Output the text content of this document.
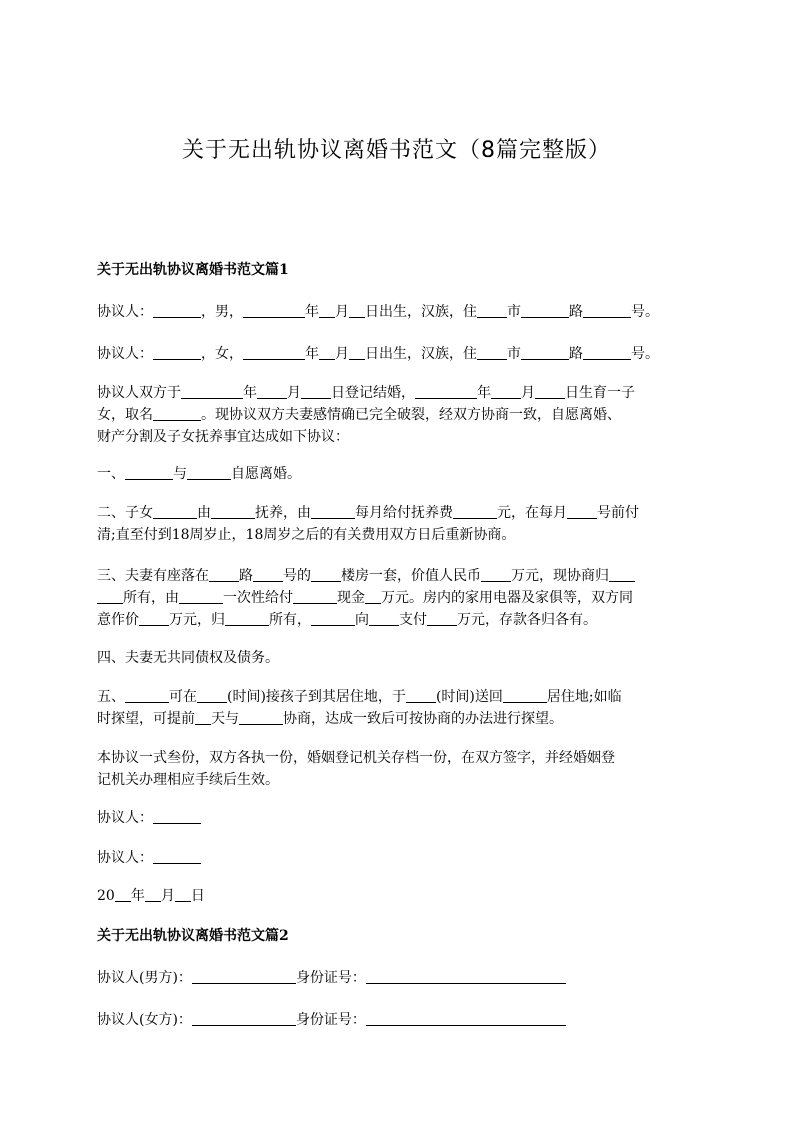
关于无出轨协议离婚书范文（8篇完整版）
关于无出轨协议离婚书范文篇1
协议人：	，男，	年 月 日出生，汉族，住 市	路	号。
协议人：	，女，	年 月 日出生，汉族，住 市	路	号。
协议人双方于	年 月 日登记结婚，	年 月 日生育一子
女，取名	。现协议双方夫妻感情确已完全破裂，经双方协商一致，自愿离婚、
财产分割及子女抚养事宜达成如下协议：
一、	与	自愿离婚。
二、子女	由	抚养，由	每月给付抚养费	元，在每月 号前付
清;直至付到18周岁止，18周岁之后的有关费用双方日后重新协商。
三、夫妻有座落在 路 号的 楼房一套，价值人民币 万元，现协商归
所有，由	一次性给付	现金 万元。房内的家用电器及家俱等，双方同
意作价 万元，归	所有，	向 支付 万元，存款各归各有。
四、夫妻无共同债权及债务。
五、	可在 (时间)接孩子到其居住地，于 (时间)送回	居住地;如临
时探望，可提前 天与	协商，达成一致后可按协商的办法进行探望。
本协议一式叁份，双方各执一份，婚姻登记机关存档一份，在双方签字，并经婚姻登
记机关办理相应手续后生效。
协议人：
协议人：
20 年 月 日
关于无出轨协议离婚书范文篇2
协议人(男方)：	身份证号：
协议人(女方)：	身份证号：
